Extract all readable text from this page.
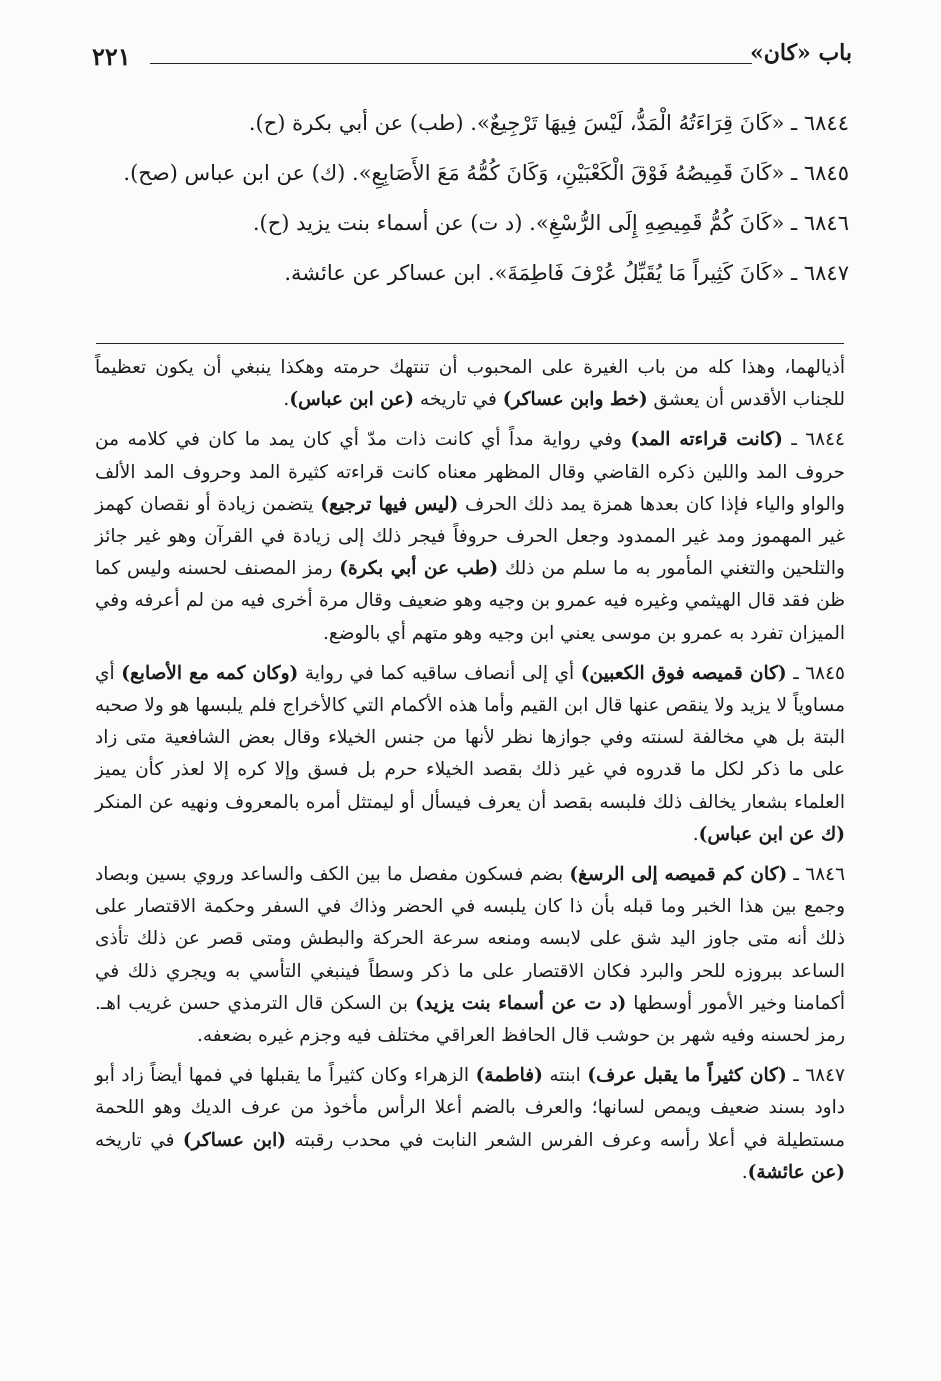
٢٢١	باب «كان»

٦٨٤٤ ـ «كَانَ قِرَاءَتُهُ الْمَدُّ، لَيْسَ فِيهَا تَرْجِيعٌ». (طب) عن أبي بكرة (ح).

٦٨٤٥ ـ «كَانَ قَمِيصُهُ فَوْقَ الْكَعْبَيْنِ، وَكَانَ كُمُّهُ مَعَ الأَصَابِعِ». (ك) عن ابن عباس (صح).

٦٨٤٦ ـ «كَانَ كُمُّ قَمِيصِهِ إِلَى الرُّسْغِ». (د ت) عن أسماء بنت يزيد (ح).

٦٨٤٧ ـ «كَانَ كَثِيراً مَا يُقَبِّلُ عُرْفَ فَاطِمَةَ». ابن عساكر عن عائشة.

أذيالهما، وهذا كله من باب الغيرة على المحبوب أن تنتهك حرمته وهكذا ينبغي أن يكون تعظيماً للجناب الأقدس أن يعشق (خط وابن عساكر) في تاريخه (عن ابن عباس).

٦٨٤٤ ـ (كانت قراءته المد) وفي رواية مداً أي كانت ذات مدّ أي كان يمد ما كان في كلامه من حروف المد واللين ذكره القاضي وقال المظهر معناه كانت قراءته كثيرة المد وحروف المد الألف والواو والياء فإذا كان بعدها همزة يمد ذلك الحرف (ليس فيها ترجيع) يتضمن زيادة أو نقصان كهمز غير المهموز ومد غير الممدود وجعل الحرف حروفاً فيجر ذلك إلى زيادة في القرآن وهو غير جائز والتلحين والتغني المأمور به ما سلم من ذلك (طب عن أبي بكرة) رمز المصنف لحسنه وليس كما ظن فقد قال الهيثمي وغيره فيه عمرو بن وجيه وهو ضعيف وقال مرة أخرى فيه من لم أعرفه وفي الميزان تفرد به عمرو بن موسى يعني ابن وجيه وهو متهم أي بالوضع.

٦٨٤٥ ـ (كان قميصه فوق الكعبين) أي إلى أنصاف ساقيه كما في رواية (وكان كمه مع الأصابع) أي مساوياً لا يزيد ولا ينقص عنها قال ابن القيم وأما هذه الأكمام التي كالأخراج فلم يلبسها هو ولا صحبه البتة بل هي مخالفة لسنته وفي جوازها نظر لأنها من جنس الخيلاء وقال بعض الشافعية متى زاد على ما ذكر لكل ما قدروه في غير ذلك بقصد الخيلاء حرم بل فسق وإلا كره إلا لعذر كأن يميز العلماء بشعار يخالف ذلك فلبسه بقصد أن يعرف فيسأل أو ليمتثل أمره بالمعروف ونهيه عن المنكر (ك عن ابن عباس).

٦٨٤٦ ـ (كان كم قميصه إلى الرسغ) بضم فسكون مفصل ما بين الكف والساعد وروي بسين وبصاد وجمع بين هذا الخبر وما قبله بأن ذا كان يلبسه في الحضر وذاك في السفر وحكمة الاقتصار على ذلك أنه متى جاوز اليد شق على لابسه ومنعه سرعة الحركة والبطش ومتى قصر عن ذلك تأذى الساعد ببروزه للحر والبرد فكان الاقتصار على ما ذكر وسطاً فينبغي التأسي به ويجري ذلك في أكمامنا وخير الأمور أوسطها (د ت عن أسماء بنت يزيد) بن السكن قال الترمذي حسن غريب اهـ. رمز لحسنه وفيه شهر بن حوشب قال الحافظ العراقي مختلف فيه وجزم غيره بضعفه.

٦٨٤٧ ـ (كان كثيراً ما يقبل عرف) ابنته (فاطمة) الزهراء وكان كثيراً ما يقبلها في فمها أيضاً زاد أبو داود بسند ضعيف ويمص لسانها؛ والعرف بالضم أعلا الرأس مأخوذ من عرف الديك وهو اللحمة مستطيلة في أعلا رأسه وعرف الفرس الشعر النابت في محدب رقبته (ابن عساكر) في تاريخه (عن عائشة).
